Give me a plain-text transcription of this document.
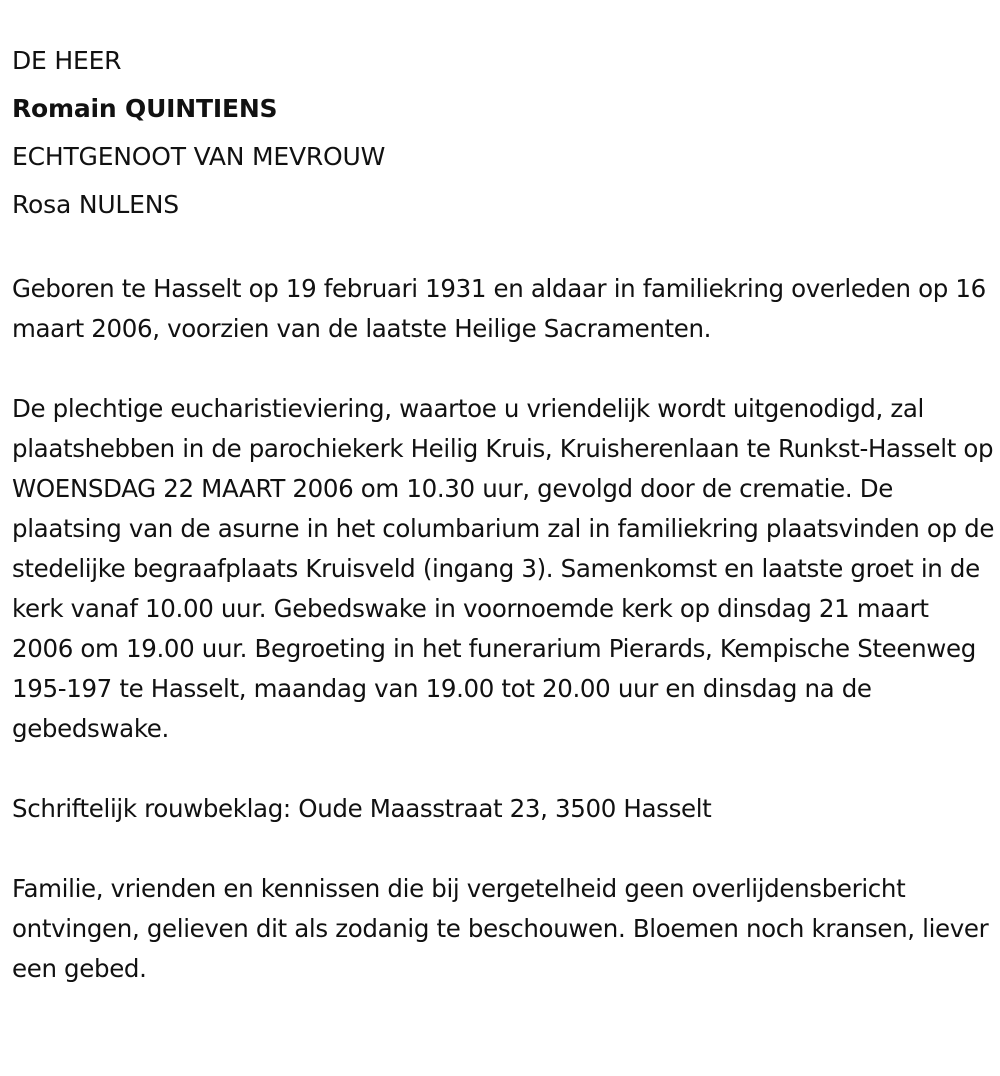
DE HEER
Romain QUINTIENS
ECHTGENOOT VAN MEVROUW
Rosa NULENS

Geboren te Hasselt op 19 februari 1931 en aldaar in familiekring overleden op 16 maart 2006, voorzien van de laatste Heilige Sacramenten.

De plechtige eucharistieviering, waartoe u vriendelijk wordt uitgenodigd, zal plaatshebben in de parochiekerk Heilig Kruis, Kruisherenlaan te Runkst-Hasselt op WOENSDAG 22 MAART 2006 om 10.30 uur, gevolgd door de crematie. De plaatsing van de asurne in het columbarium zal in familiekring plaatsvinden op de stedelijke begraafplaats Kruisveld (ingang 3). Samenkomst en laatste groet in de kerk vanaf 10.00 uur. Gebedswake in voornoemde kerk op dinsdag 21 maart 2006 om 19.00 uur. Begroeting in het funerarium Pierards, Kempische Steenweg 195-197 te Hasselt, maandag van 19.00 tot 20.00 uur en dinsdag na de gebedswake.

Schriftelijk rouwbeklag: Oude Maasstraat 23, 3500 Hasselt

Familie, vrienden en kennissen die bij vergetelheid geen overlijdensbericht ontvingen, gelieven dit als zodanig te beschouwen. Bloemen noch kransen, liever een gebed.
